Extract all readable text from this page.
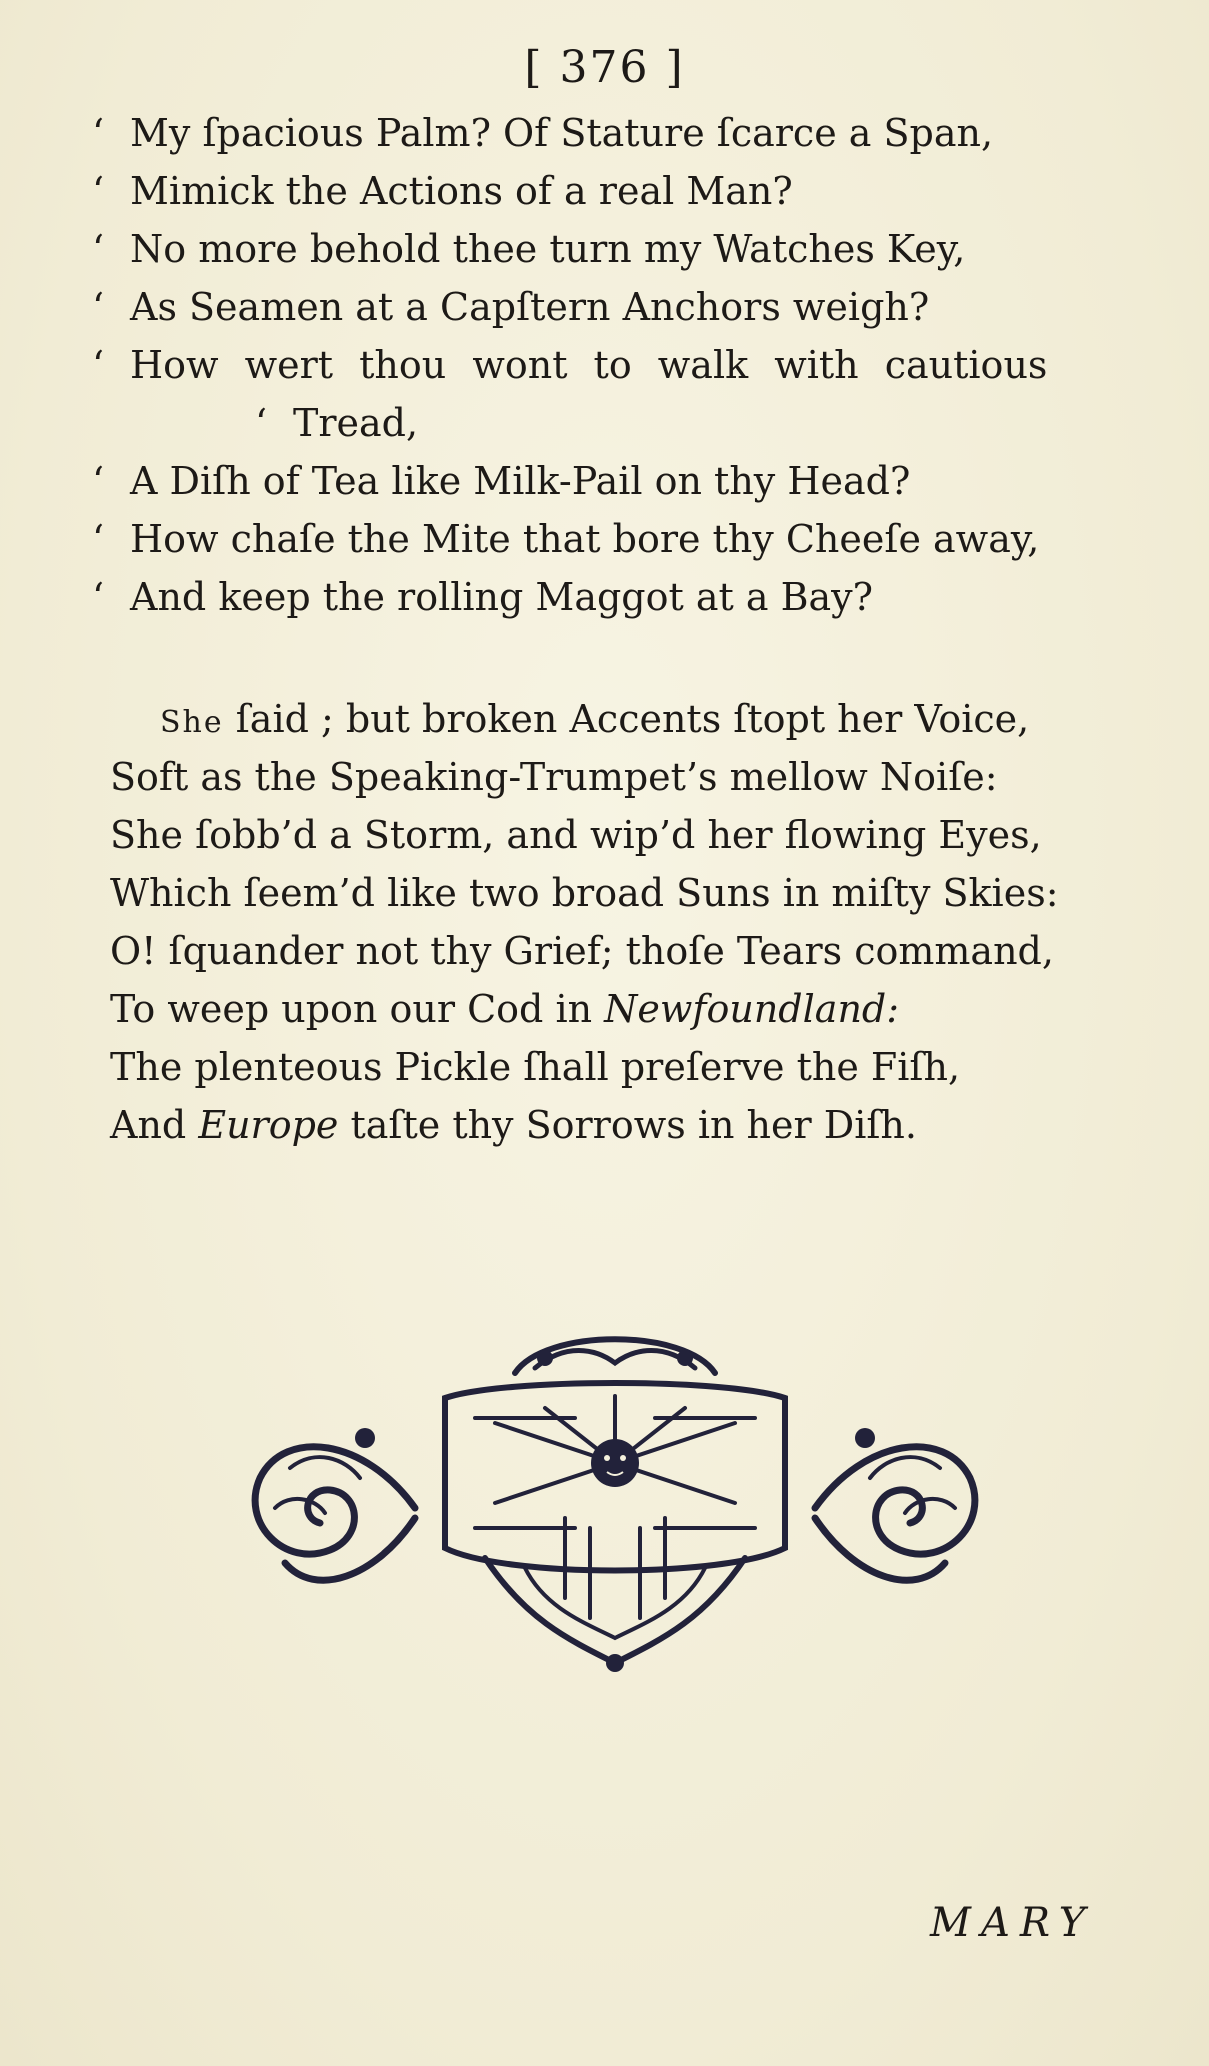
[ 376 ]
‘ My ſpacious Palm? Of Stature ſcarce a Span,
‘ Mimick the Actions of a real Man?
‘ No more behold thee turn my Watches Key,
‘ As Seamen at a Capſtern Anchors weigh?
‘ How wert thou wont to walk with cautious
‘ Tread,
‘ A Diſh of Tea like Milk-Pail on thy Head?
‘ How chaſe the Mite that bore thy Cheeſe away,
‘ And keep the rolling Maggot at a Bay?
She ſaid ; but broken Accents ſtopt her Voice,
Soft as the Speaking-Trumpet’s mellow Noiſe:
She ſobb’d a Storm, and wip’d her flowing Eyes,
Which ſeem’d like two broad Suns in miſty Skies:
O! ſquander not thy Grief; thoſe Tears command,
To weep upon our Cod in Newfoundland:
The plenteous Pickle ſhall preſerve the Fiſh,
And Europe taſte thy Sorrows in her Diſh.
MARY
